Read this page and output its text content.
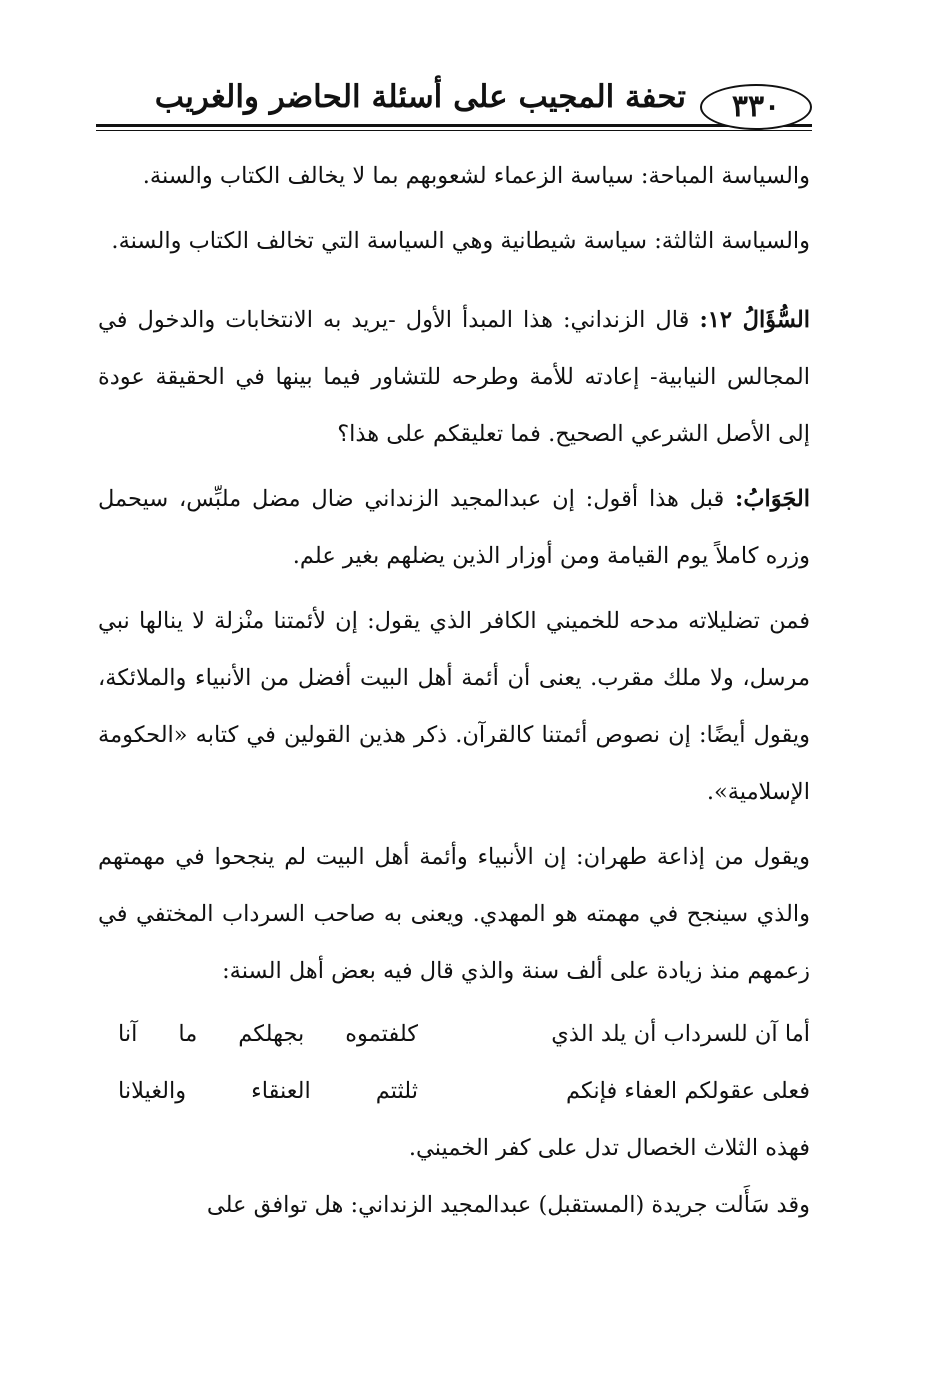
٣٣٠
تحفة المجيب على أسئلة الحاضر والغريب

والسياسة المباحة: سياسة الزعماء لشعوبهم بما لا يخالف الكتاب والسنة.

والسياسة الثالثة: سياسة شيطانية وهي السياسة التي تخالف الكتاب والسنة.

السُّؤَالُ ١٢: قال الزنداني: هذا المبدأ الأول -يريد به الانتخابات والدخول في المجالس النيابية- إعادته للأمة وطرحه للتشاور فيما بينها في الحقيقة عودة إلى الأصل الشرعي الصحيح. فما تعليقكم على هذا؟

الجَوَابُ: قبل هذا أقول: إن عبدالمجيد الزنداني ضال مضل ملبِّس، سيحمل وزره كاملاً يوم القيامة ومن أوزار الذين يضلهم بغير علم.

فمن تضليلاته مدحه للخميني الكافر الذي يقول: إن لأئمتنا منْزلة لا ينالها نبي مرسل، ولا ملك مقرب. يعنى أن أئمة أهل البيت أفضل من الأنبياء والملائكة، ويقول أيضًا: إن نصوص أئمتنا كالقرآن. ذكر هذين القولين في كتابه «الحكومة الإسلامية».

ويقول من إذاعة طهران: إن الأنبياء وأئمة أهل البيت لم ينجحوا في مهمتهم والذي سينجح في مهمته هو المهدي. ويعنى به صاحب السرداب المختفي في زعمهم منذ زيادة على ألف سنة والذي قال فيه بعض أهل السنة:

أما آن للسرداب أن يلد الذي
كلفتموه بجهلكم ما آنا
فعلى عقولكم العفاء فإنكم
ثلثتم العنقاء والغيلانا

فهذه الثلاث الخصال تدل على كفر الخميني.

وقد سَأَلت جريدة (المستقبل) عبدالمجيد الزنداني: هل توافق على
